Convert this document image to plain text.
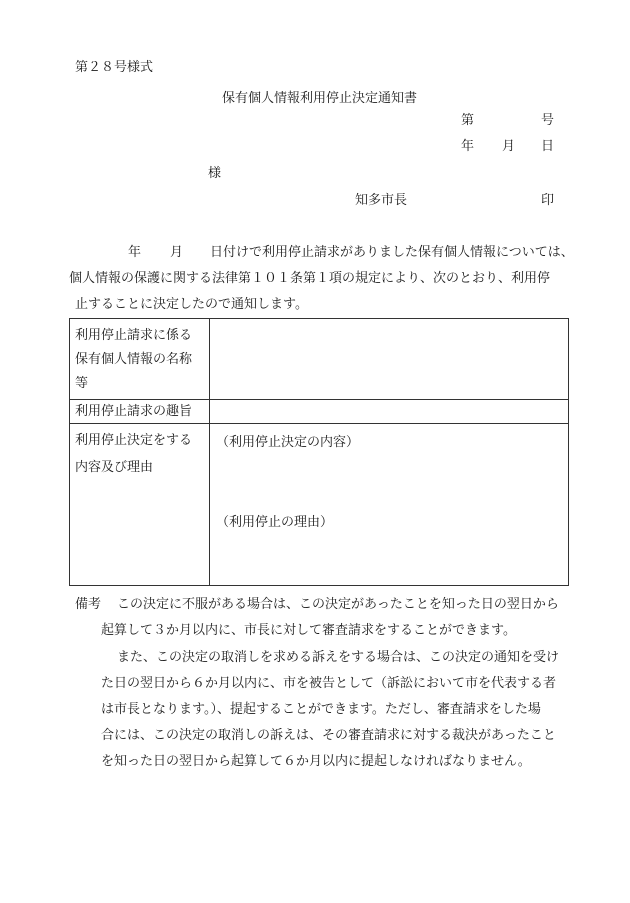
第２８号様式
保有個人情報利用停止決定通知書
第	号
年 月 日
様
知多市長	印
年 月 日付けで利用停止請求がありました保有個人情報については、
個人情報の保護に関する法律第１０１条第１項の規定により、次のとおり、利用停
止することに決定したので通知します。
利用停止請求に係る
保有個人情報の名称
等
利用停止請求の趣旨
利用停止決定をする
内容及び理由
（利用停止決定の内容）
（利用停止の理由）
備考 この決定に不服がある場合は、この決定があったことを知った日の翌日から
起算して３か月以内に、市長に対して審査請求をすることができます。
また、この決定の取消しを求める訴えをする場合は、この決定の通知を受け
た日の翌日から６か月以内に、市を被告として（訴訟において市を代表する者
は市長となります。）、提起することができます。ただし、審査請求をした場
合には、この決定の取消しの訴えは、その審査請求に対する裁決があったこと
を知った日の翌日から起算して６か月以内に提起しなければなりません。
